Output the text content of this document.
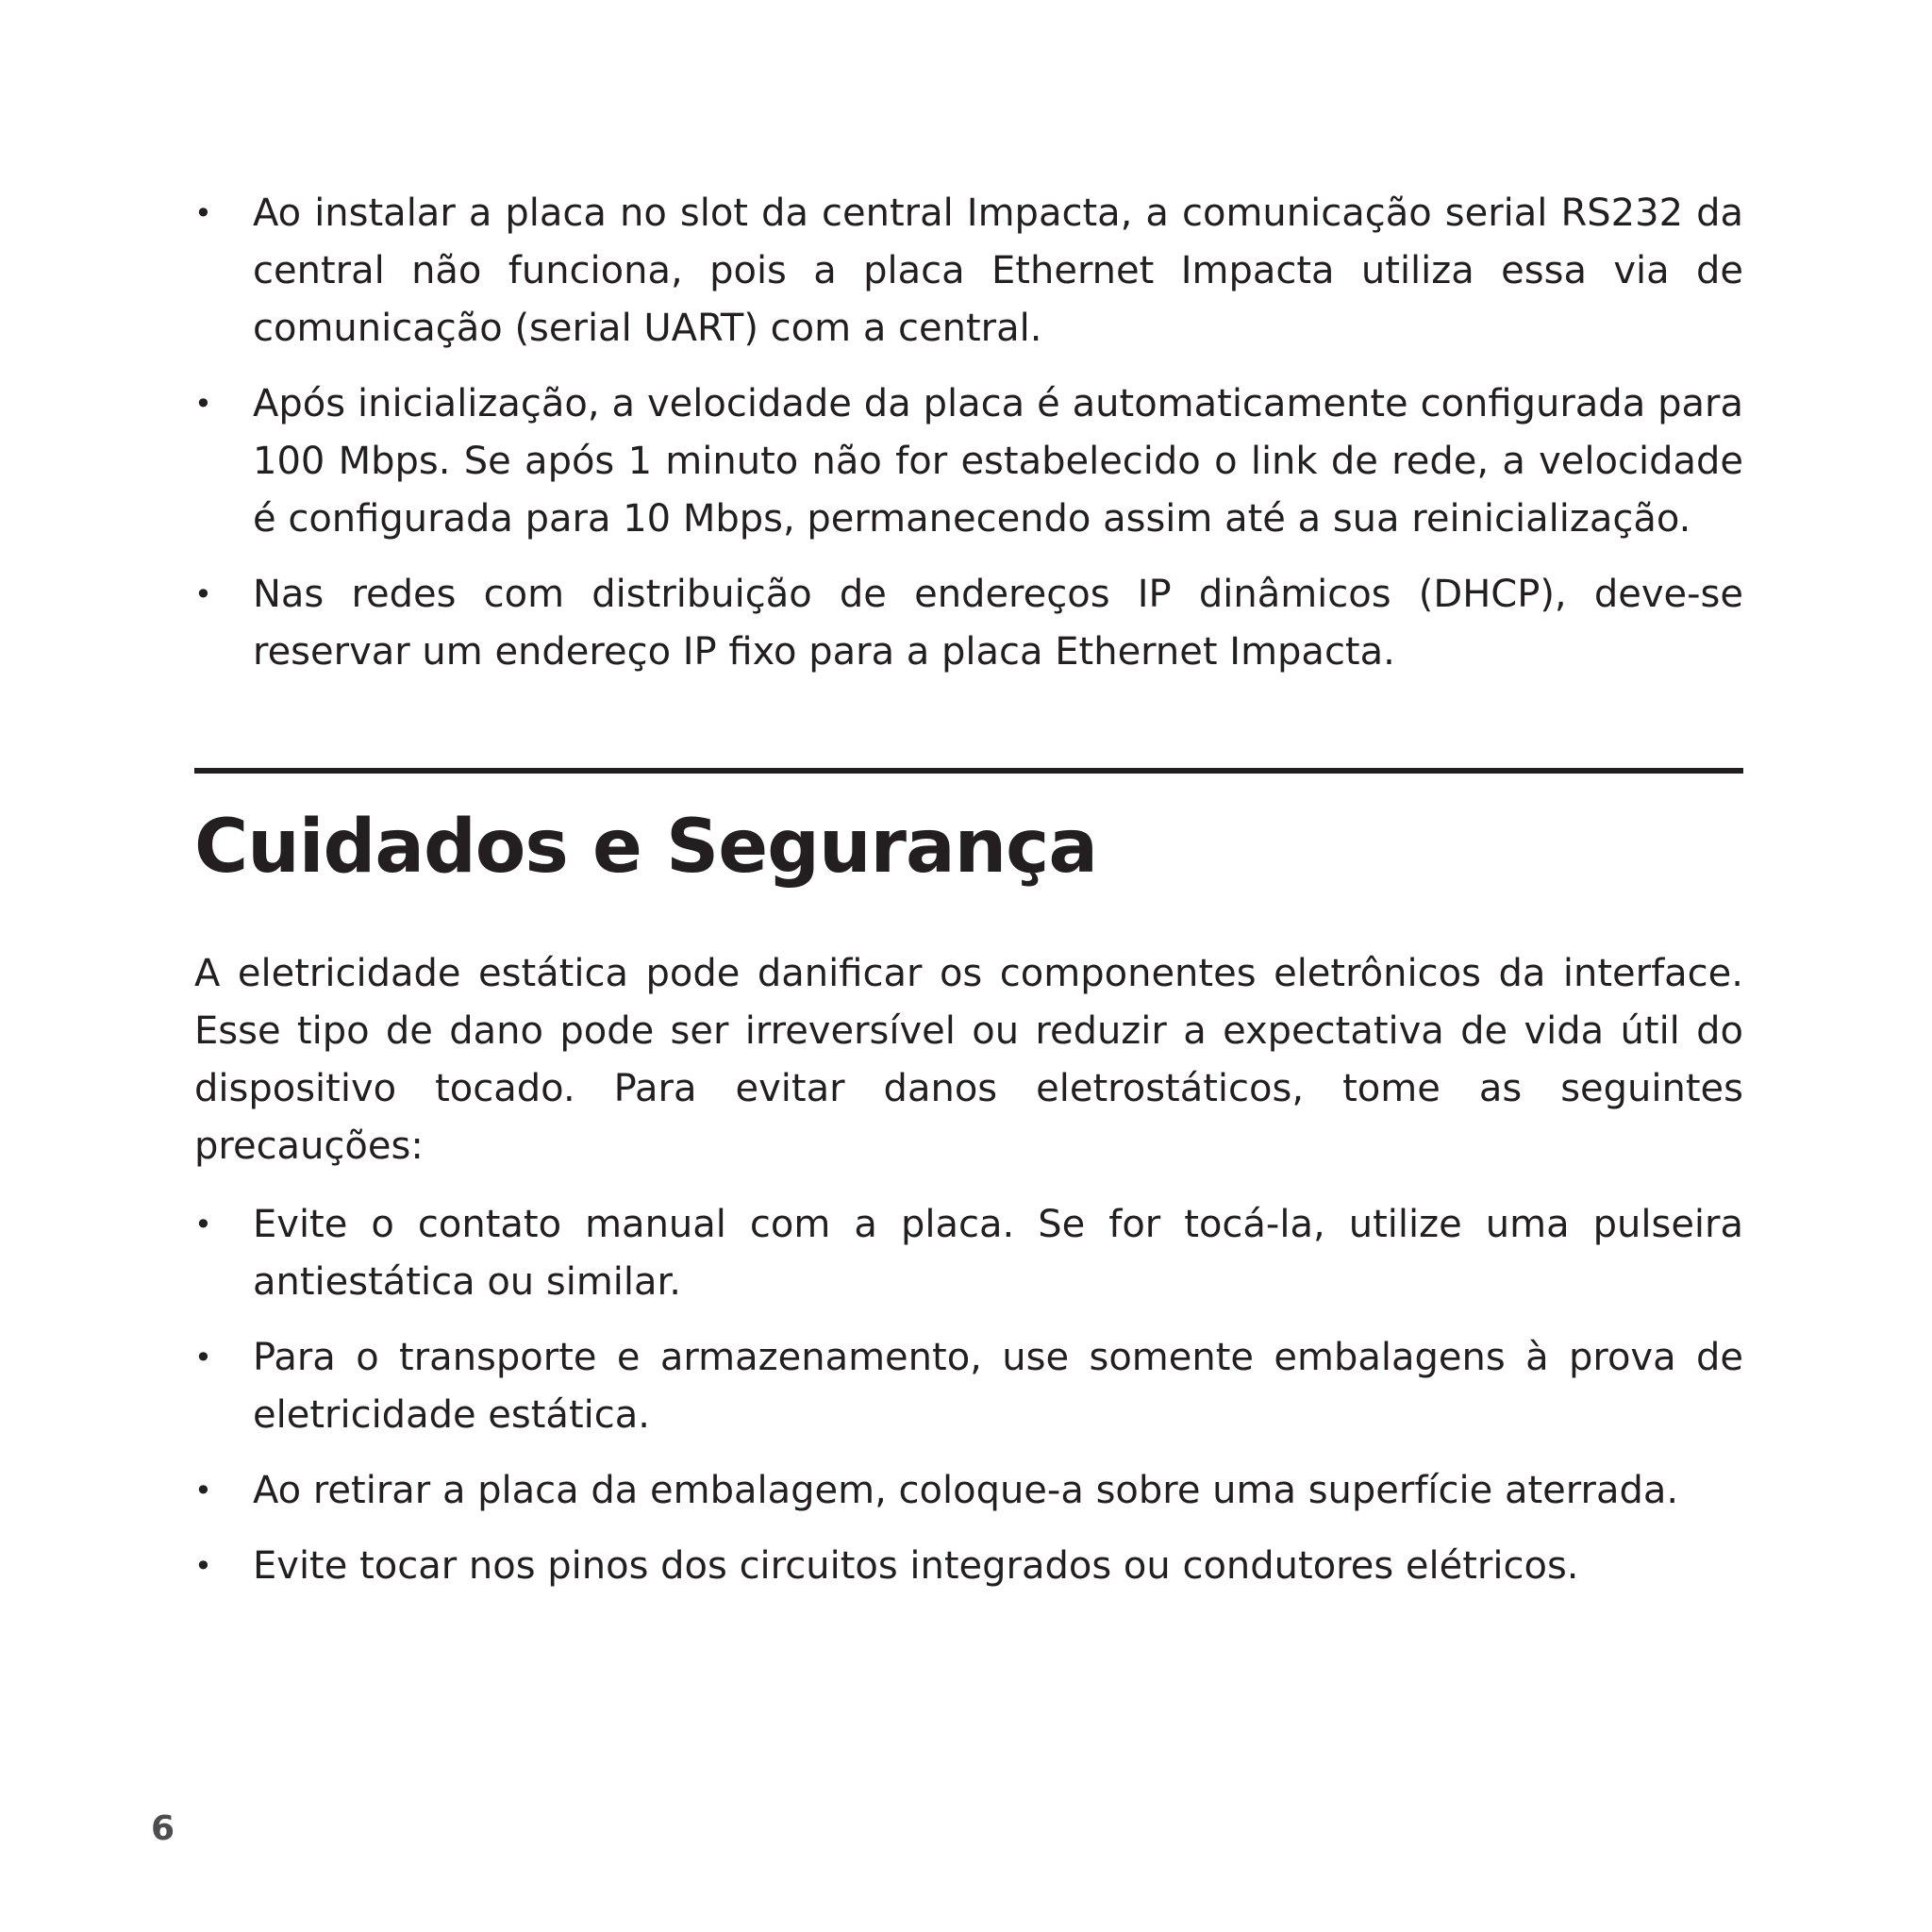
• Ao instalar a placa no slot da central Impacta, a comunicação serial RS232 da central não funciona, pois a placa Ethernet Impacta utiliza essa via de comunicação (serial UART) com a central.
• Após inicialização, a velocidade da placa é automaticamente configurada para 100 Mbps. Se após 1 minuto não for estabelecido o link de rede, a velocidade é configurada para 10 Mbps, permanecendo assim até a sua reinicialização.
• Nas redes com distribuição de endereços IP dinâmicos (DHCP), deve-se reservar um endereço IP fixo para a placa Ethernet Impacta.
Cuidados e Segurança

A eletricidade estática pode danificar os componentes eletrônicos da interface. Esse tipo de dano pode ser irreversível ou reduzir a expectativa de vida útil do dispositivo tocado. Para evitar danos eletrostáticos, tome as seguintes precauções:

• Evite o contato manual com a placa. Se for tocá-la, utilize uma pulseira antiestática ou similar.
• Para o transporte e armazenamento, use somente embalagens à prova de eletricidade estática.
• Ao retirar a placa da embalagem, coloque-a sobre uma superfície aterrada.
• Evite tocar nos pinos dos circuitos integrados ou condutores elétricos.
6
